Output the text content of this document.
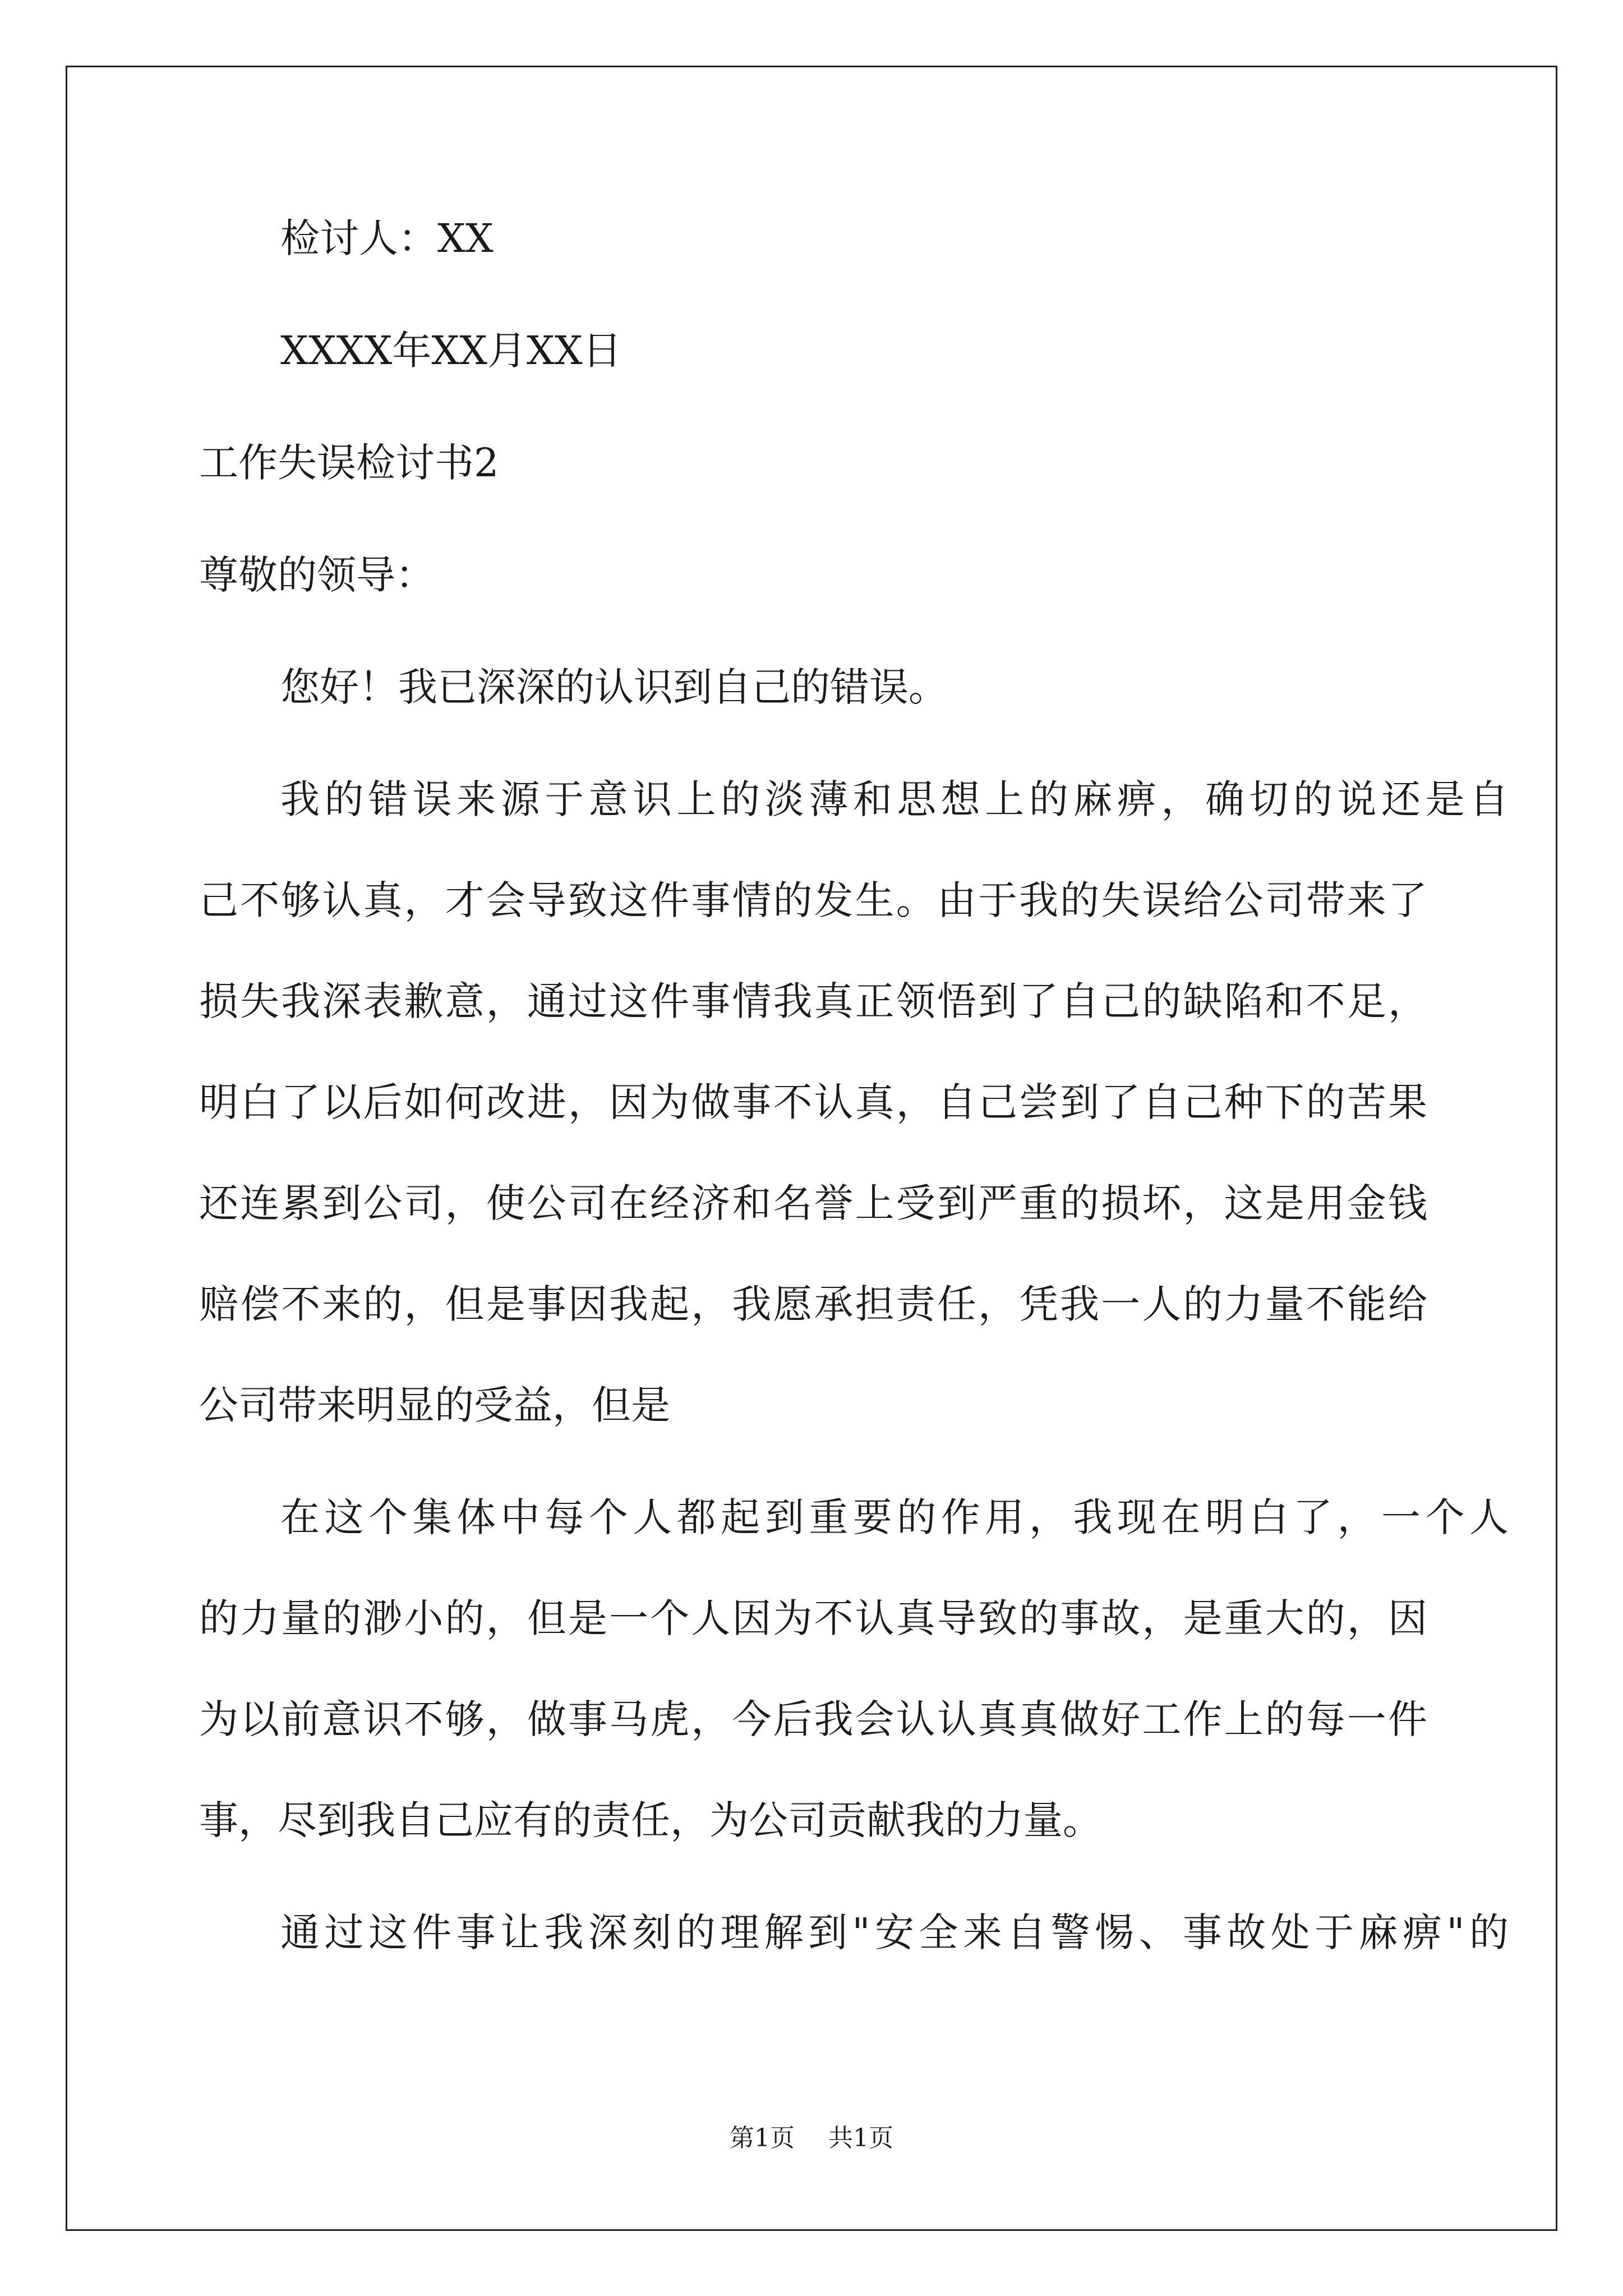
检讨人：XX
XXXX年XX月XX日
工作失误检讨书2
尊敬的领导：
您好！我已深深的认识到自己的错误。
我的错误来源于意识上的淡薄和思想上的麻痹，确切的说还是自
己不够认真，才会导致这件事情的发生。由于我的失误给公司带来了
损失我深表歉意，通过这件事情我真正领悟到了自己的缺陷和不足，
明白了以后如何改进，因为做事不认真，自己尝到了自己种下的苦果
还连累到公司，使公司在经济和名誉上受到严重的损坏，这是用金钱
赔偿不来的，但是事因我起，我愿承担责任，凭我一人的力量不能给
公司带来明显的受益，但是
在这个集体中每个人都起到重要的作用，我现在明白了，一个人
的力量的渺小的，但是一个人因为不认真导致的事故，是重大的，因
为以前意识不够，做事马虎，今后我会认认真真做好工作上的每一件
事，尽到我自己应有的责任，为公司贡献我的力量。
通过这件事让我深刻的理解到"安全来自警惕、事故处于麻痹"的
第1页 共1页
